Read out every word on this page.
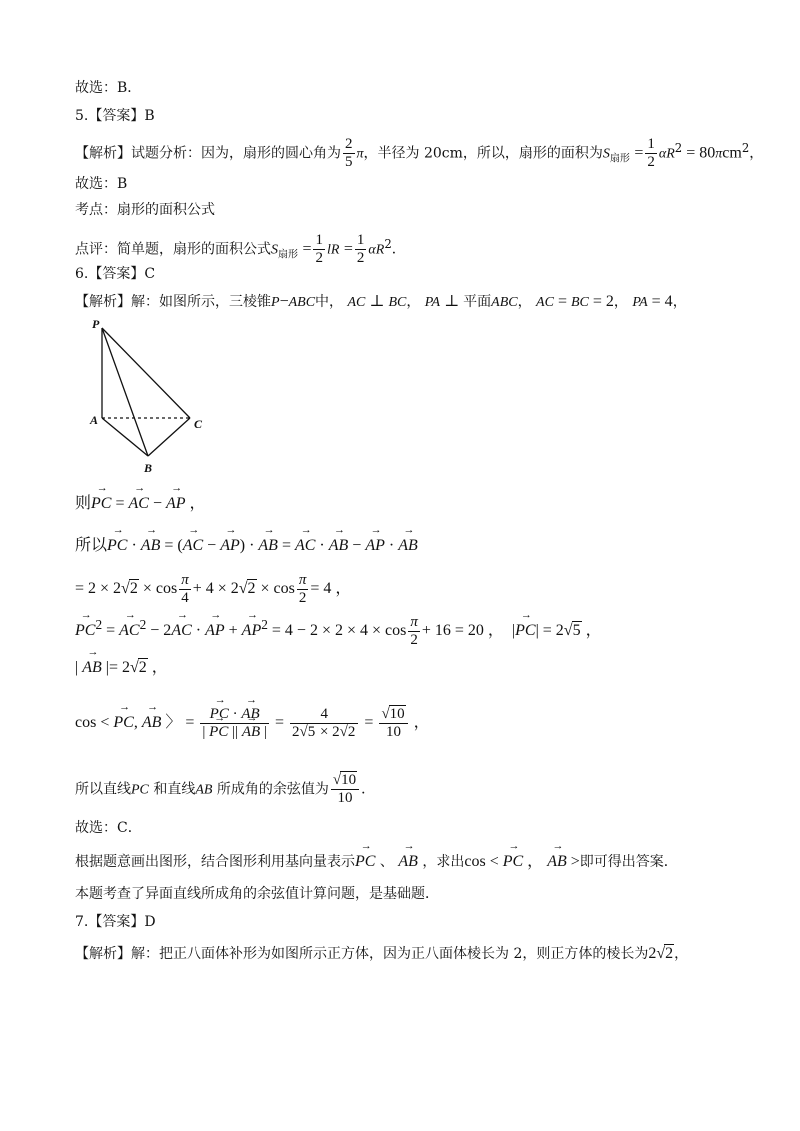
故选：B．
5.【答案】B
【解析】试题分析：因为，扇形的圆心角为 $\frac{2}{5}$ π，半径为 20cm，所以，扇形的面积为$S_{扇形} = \frac{1}{2} \alpha R^2 = 80\pi cm^2$，
故选：B
考点：扇形的面积公式
点评：简单题，扇形的面积公式$S_{扇形} = \frac{1}{2}$ lR = $\frac{1}{2} \alpha R^2$．
6.【答案】C
【解析】解：如图所示，三棱锥P−ABC中， AC ⊥ BC， PA ⊥ 平面ABC， AC = BC = 2， PA = 4，
P
A
B
C
则→ PC = → AC − → AP ，
所以→ PC · → AB = (→ AC − → AP) · → AB = → AC · → AB − → AP · → AB
= $2 \times 2√2 \times \cos \frac{\pi}{4} + 4 \times 2√2 \times \cos \frac{\pi}{2} = 4$ ，
→ $PC^2$ = → $AC^2 - 2\to$ AC · → AP + → $AP^2 = 4 - 2 \times 2 \times 4 \times \cos \frac{\pi}{2} + 16 = 20$ ，  |→ PC| = 2√5 ，
| → AB |= 2√2 ，
cos < → PC, → AB 〉 =
→ $\frac{PC \cdot \to AB}{| \to PC || \to AB |} = \frac{4}{2√5 \times 2√2} = \frac{√10}{10}$ ，
所以直线PC 和直线AB 所成角的余弦值为 $\frac{√10}{10}$ ．
故选：C．
根据题意画出图形，结合图形利用基向量表示→ PC 、 → AB ，求出cos < → PC ， → AB >即可得出答案．
本题考查了异面直线所成角的余弦值计算问题，是基础题．
7.【答案】D
【解析】解：把正八面体补形为如图所示正方体，因为正八面体棱长为 2，则正方体的棱长为2√2，
